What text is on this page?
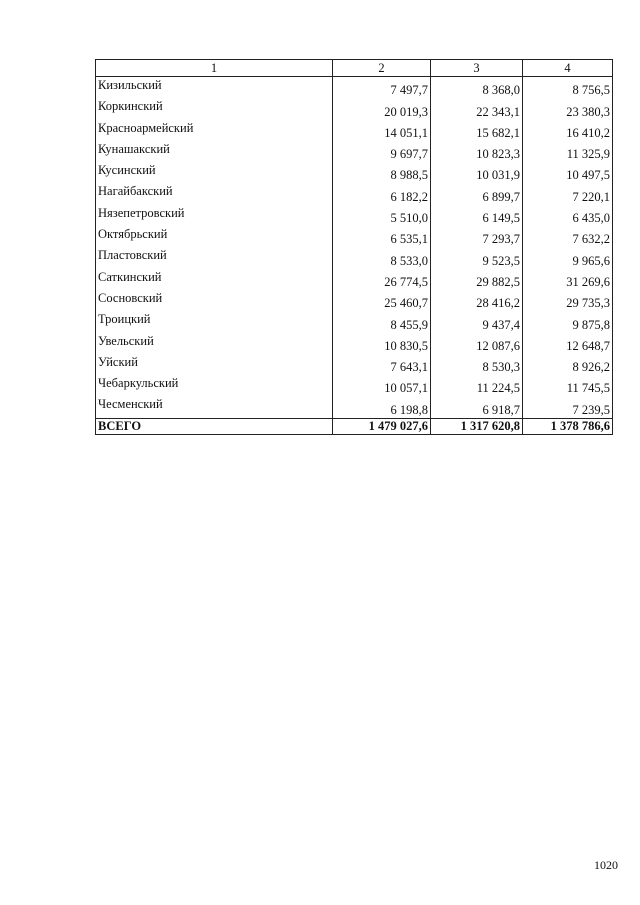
1	2	3	4
Кизильский	7 497,7	8 368,0	8 756,5
Коркинский	20 019,3	22 343,1	23 380,3
Красноармейский	14 051,1	15 682,1	16 410,2
Кунашакский	9 697,7	10 823,3	11 325,9
Кусинский	8 988,5	10 031,9	10 497,5
Нагайбакский	6 182,2	6 899,7	7 220,1
Нязепетровский	5 510,0	6 149,5	6 435,0
Октябрьский	6 535,1	7 293,7	7 632,2
Пластовский	8 533,0	9 523,5	9 965,6
Саткинский	26 774,5	29 882,5	31 269,6
Сосновский	25 460,7	28 416,2	29 735,3
Троицкий	8 455,9	9 437,4	9 875,8
Увельский	10 830,5	12 087,6	12 648,7
Уйский	7 643,1	8 530,3	8 926,2
Чебаркульский	10 057,1	11 224,5	11 745,5
Чесменский	6 198,8	6 918,7	7 239,5
ВСЕГО	1 479 027,6	1 317 620,8	1 378 786,6
1020
